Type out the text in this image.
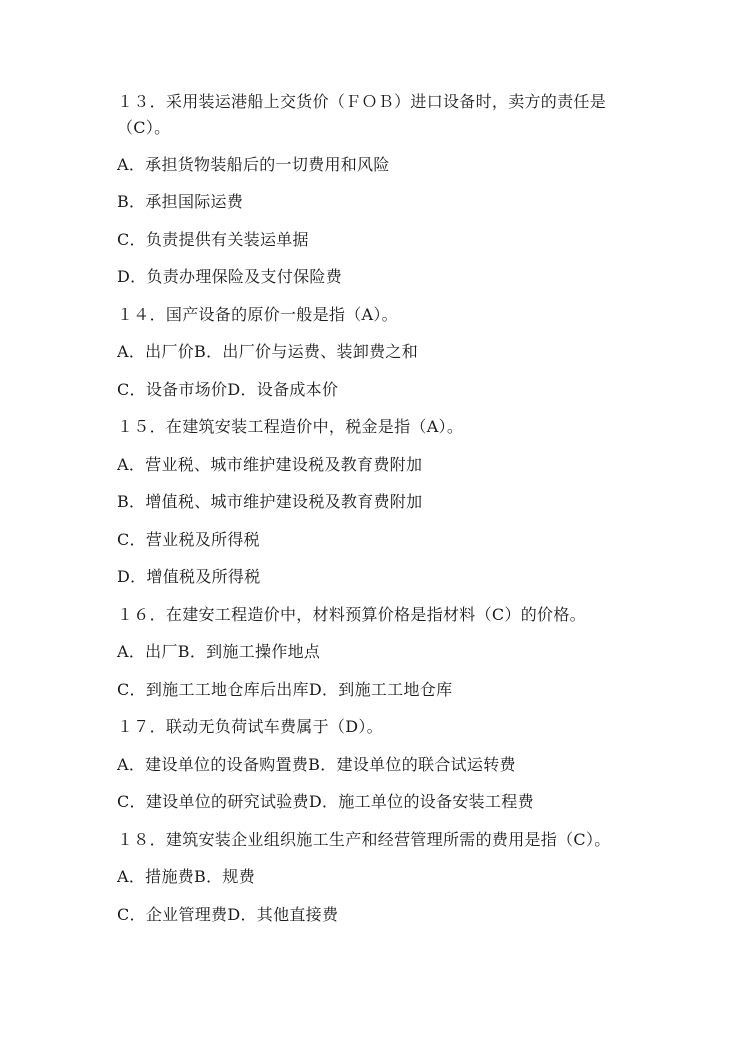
１３．采用装运港船上交货价（ＦＯＢ）进口设备时，卖方的责任是

（C）。

A．承担货物装船后的一切费用和风险

B．承担国际运费

C．负责提供有关装运单据

D．负责办理保险及支付保险费

１４．国产设备的原价一般是指（A）。

A．出厂价B．出厂价与运费、装卸费之和

C．设备市场价D．设备成本价

１５．在建筑安装工程造价中，税金是指（A）。

A．营业税、城市维护建设税及教育费附加

B．增值税、城市维护建设税及教育费附加

C．营业税及所得税

D．增值税及所得税

１６．在建安工程造价中，材料预算价格是指材料（C）的价格。

A．出厂B．到施工操作地点

C．到施工工地仓库后出库D．到施工工地仓库

１７．联动无负荷试车费属于（D）。

A．建设单位的设备购置费B．建设单位的联合试运转费

C．建设单位的研究试验费D．施工单位的设备安装工程费

１８．建筑安装企业组织施工生产和经营管理所需的费用是指（C）。

A．措施费B．规费

C．企业管理费D．其他直接费
